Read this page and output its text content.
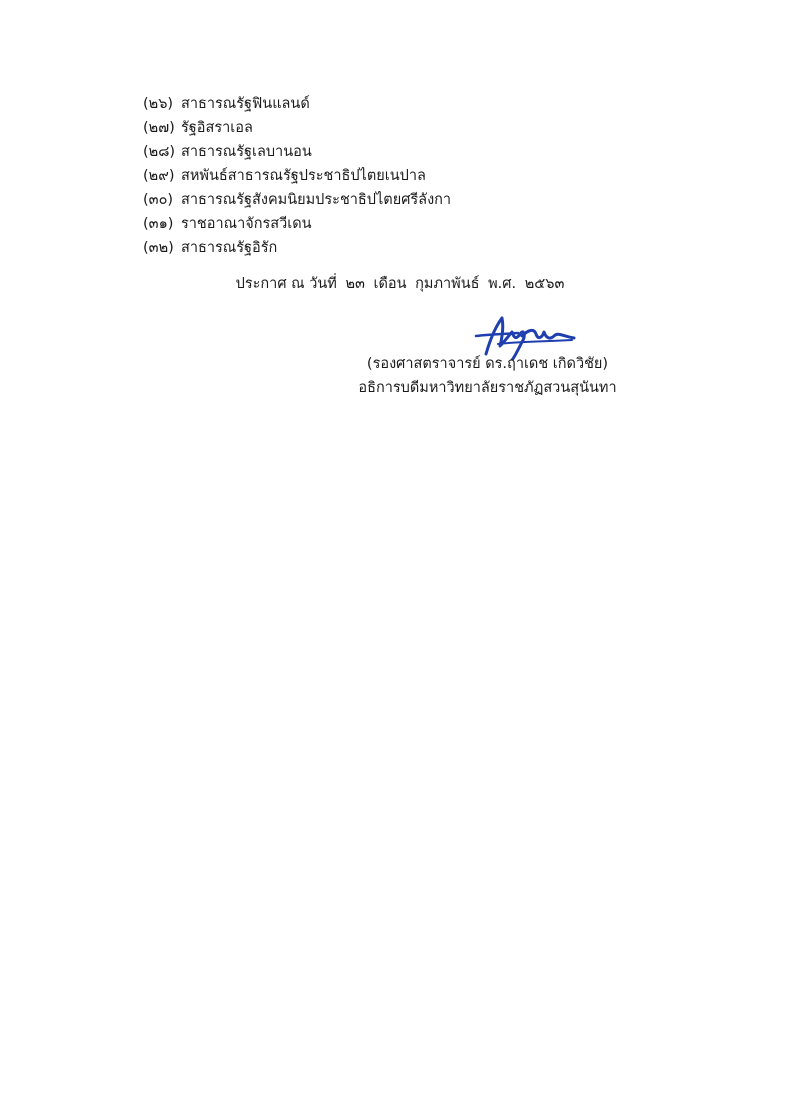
(๒๖) สาธารณรัฐฟินแลนด์
(๒๗) รัฐอิสราเอล
(๒๘) สาธารณรัฐเลบานอน
(๒๙) สหพันธ์สาธารณรัฐประชาธิปไตยเนปาล
(๓๐) สาธารณรัฐสังคมนิยมประชาธิปไตยศรีลังกา
(๓๑) ราชอาณาจักรสวีเดน
(๓๒) สาธารณรัฐอิรัก
ประกาศ ณ วันที่ ๒๓ เดือน กุมภาพันธ์ พ.ศ. ๒๕๖๓
(รองศาสตราจารย์ ดร.ฤาเดช เกิดวิชัย)
อธิการบดีมหาวิทยาลัยราชภัฏสวนสุนันทา
